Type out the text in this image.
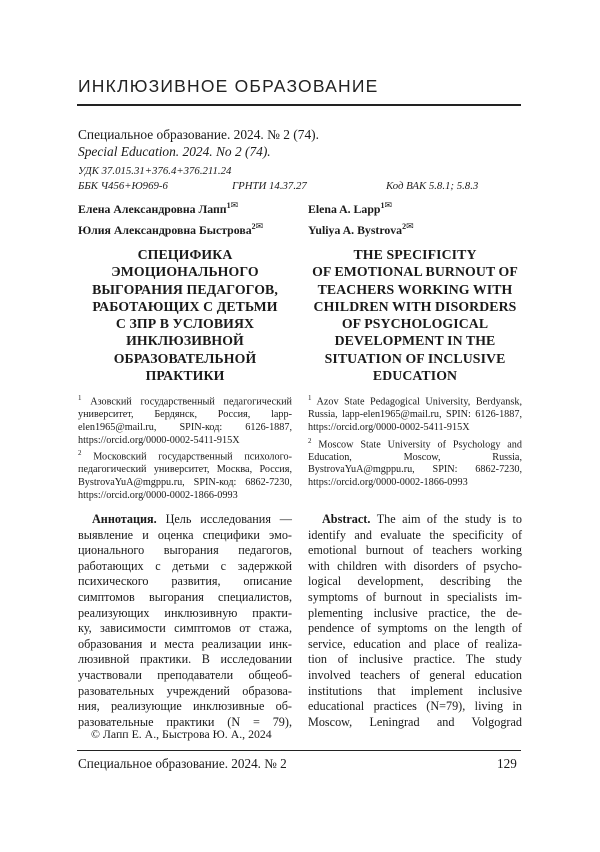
ИНКЛЮЗИВНОЕ ОБРАЗОВАНИЕ
Специальное образование. 2024. № 2 (74).
Special Education. 2024. No 2 (74).
УДК 37.015.31+376.4+376.211.24
ББК Ч456+Ю969-6	ГРНТИ 14.37.27	Код ВАК 5.8.1; 5.8.3
Елена Александровна Лапп$^{1✉}$
Юлия Александровна Быстрова$^{2✉}$
Elena A. Lapp$^{1✉}$
Yuliya A. Bystrova$^{2✉}$
СПЕЦИФИКА
ЭМОЦИОНАЛЬНОГО
ВЫГОРАНИЯ ПЕДАГОГОВ,
РАБОТАЮЩИХ С ДЕТЬМИ
С ЗПР В УСЛОВИЯХ
ИНКЛЮЗИВНОЙ
ОБРАЗОВАТЕЛЬНОЙ
ПРАКТИКИ
THE SPECIFICITY
OF EMOTIONAL BURNOUT OF
TEACHERS WORKING WITH
CHILDREN WITH DISORDERS
OF PSYCHOLOGICAL
DEVELOPMENT IN THE
SITUATION OF INCLUSIVE
EDUCATION

$^1$ Азовский государственный педагогический университет, Бердянск, Россия, lapp-elen1965@mail.ru, SPIN-код: 6126-1887, https://orcid.org/0000-0002-5411-915X

$^2$ Московский государственный психолого-педагогический университет, Москва, Россия, BystrovaYuA@mgppu.ru, SPIN-код: 6862-7230, https://orcid.org/0000-0002-1866-0993

$^1$ Azov State Pedagogical University, Berdyansk, Russia, lapp-elen1965@mail.ru, SPIN: 6126-1887, https://orcid.org/0000-0002-5411-915X

$^2$ Moscow State University of Psychology and Education, Moscow, Russia, BystrovaYuA@mgppu.ru, SPIN: 6862-7230, https://orcid.org/0000-0002-1866-0993

Аннотация. Цель исследования —
выявление и оценка специфики эмо-
ционального выгорания педагогов,
работающих с детьми с задержкой
психического развития, описание
симптомов выгорания специалистов,
реализующих инклюзивную практи-
ку, зависимости симптомов от стажа,
образования и места реализации инк-
люзивной практики. В исследовании
участвовали преподаватели общеоб-
разовательных учреждений образова-
ния, реализующие инклюзивные об-
разовательные практики (N = 79),
Abstract. The aim of the study is to
identify and evaluate the specificity of
emotional burnout of teachers working
with children with disorders of psycho-
logical development, describing the
symptoms of burnout in specialists im-
plementing inclusive practice, the de-
pendence of symptoms on the length of
service, education and place of realiza-
tion of inclusive practice. The study
involved teachers of general education
institutions that implement inclusive
educational practices (N=79), living in
Moscow, Leningrad and Volgograd
© Лапп Е. А., Быстрова Ю. А., 2024
Специальное образование. 2024. № 2	129
